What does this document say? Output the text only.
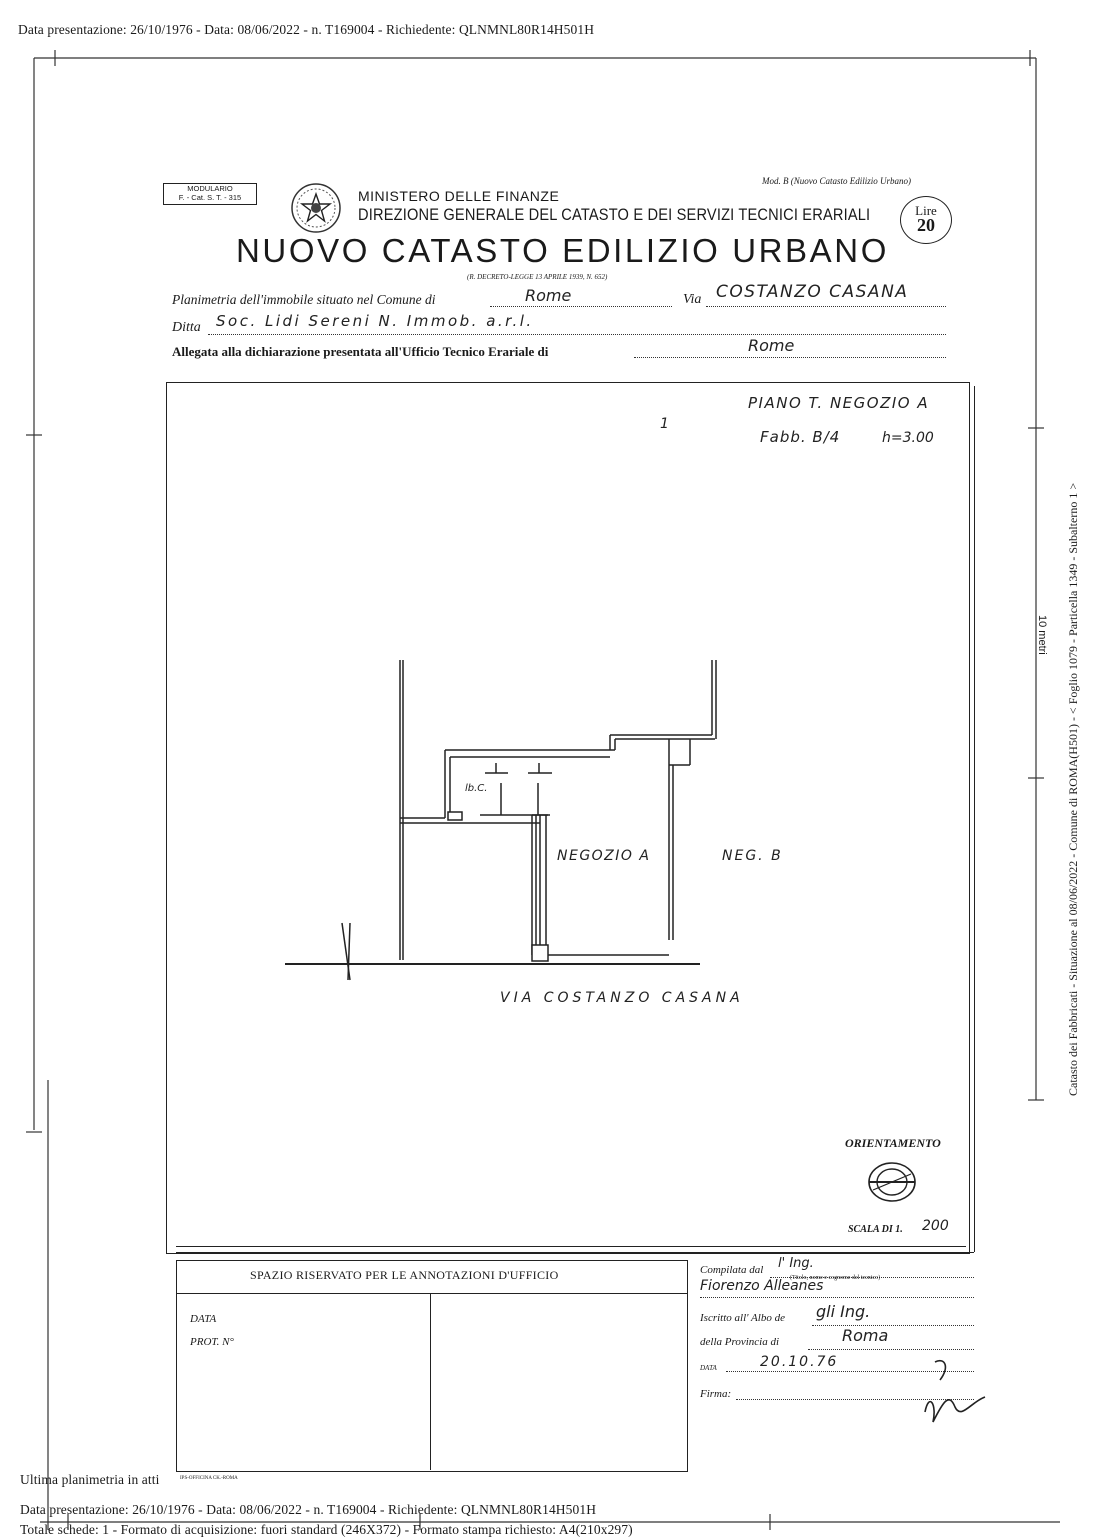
Data presentazione: 26/10/1976 - Data: 08/06/2022 - n. T169004 - Richiedente: QLNMNL80R14H501H
MODULARIO
F. - Cat. S. T. - 315	MINISTERO DELLE FINANZE
DIREZIONE GENERALE DEL CATASTO E DEI SERVIZI TECNICI ERARIALI
Mod. B (Nuovo Catasto Edilizio Urbano)
Lire
20
NUOVO CATASTO EDILIZIO URBANO
(R. DECRETO-LEGGE 13 APRILE 1939, N. 652)
Planimetria dell'immobile situato nel Comune di	Rome	Via COSTANZO CASANA
Ditta Soc. Lidi Sereni N. Immob. a.r.l.
Allegata alla dichiarazione presentata all'Ufficio Tecnico Erariale di	Rome
PIANO T. NEGOZIO A
Fabb. B/4	h=3.00
1
lb.C.
NEGOZIO A	NEG. B
VIA COSTANZO CASANA
ORIENTAMENTO
SCALA DI 1. 200
SPAZIO RISERVATO PER LE ANNOTAZIONI D'UFFICIO
DATA
PROT. N°
IPS-OFFICINA CK.-ROMA
Compilata dal l' Ing.
Fiorenzo Alleanes
(Titolo, nome e cognome del tecnico)
Iscritto all' Albo de gli Ing.
della Provincia di	Roma
DATA	20.10.76
Firma:
10 metri Catasto dei Fabbricati - Situazione al 08/06/2022 - Comune di ROMA(H501) - < Foglio 1079 - Particella 1349 - Subalterno 1 >
Ultima planimetria in atti
Data presentazione: 26/10/1976 - Data: 08/06/2022 - n. T169004 - Richiedente: QLNMNL80R14H501H
Totale schede: 1 - Formato di acquisizione: fuori standard (246X372) - Formato stampa richiesto: A4(210x297)
